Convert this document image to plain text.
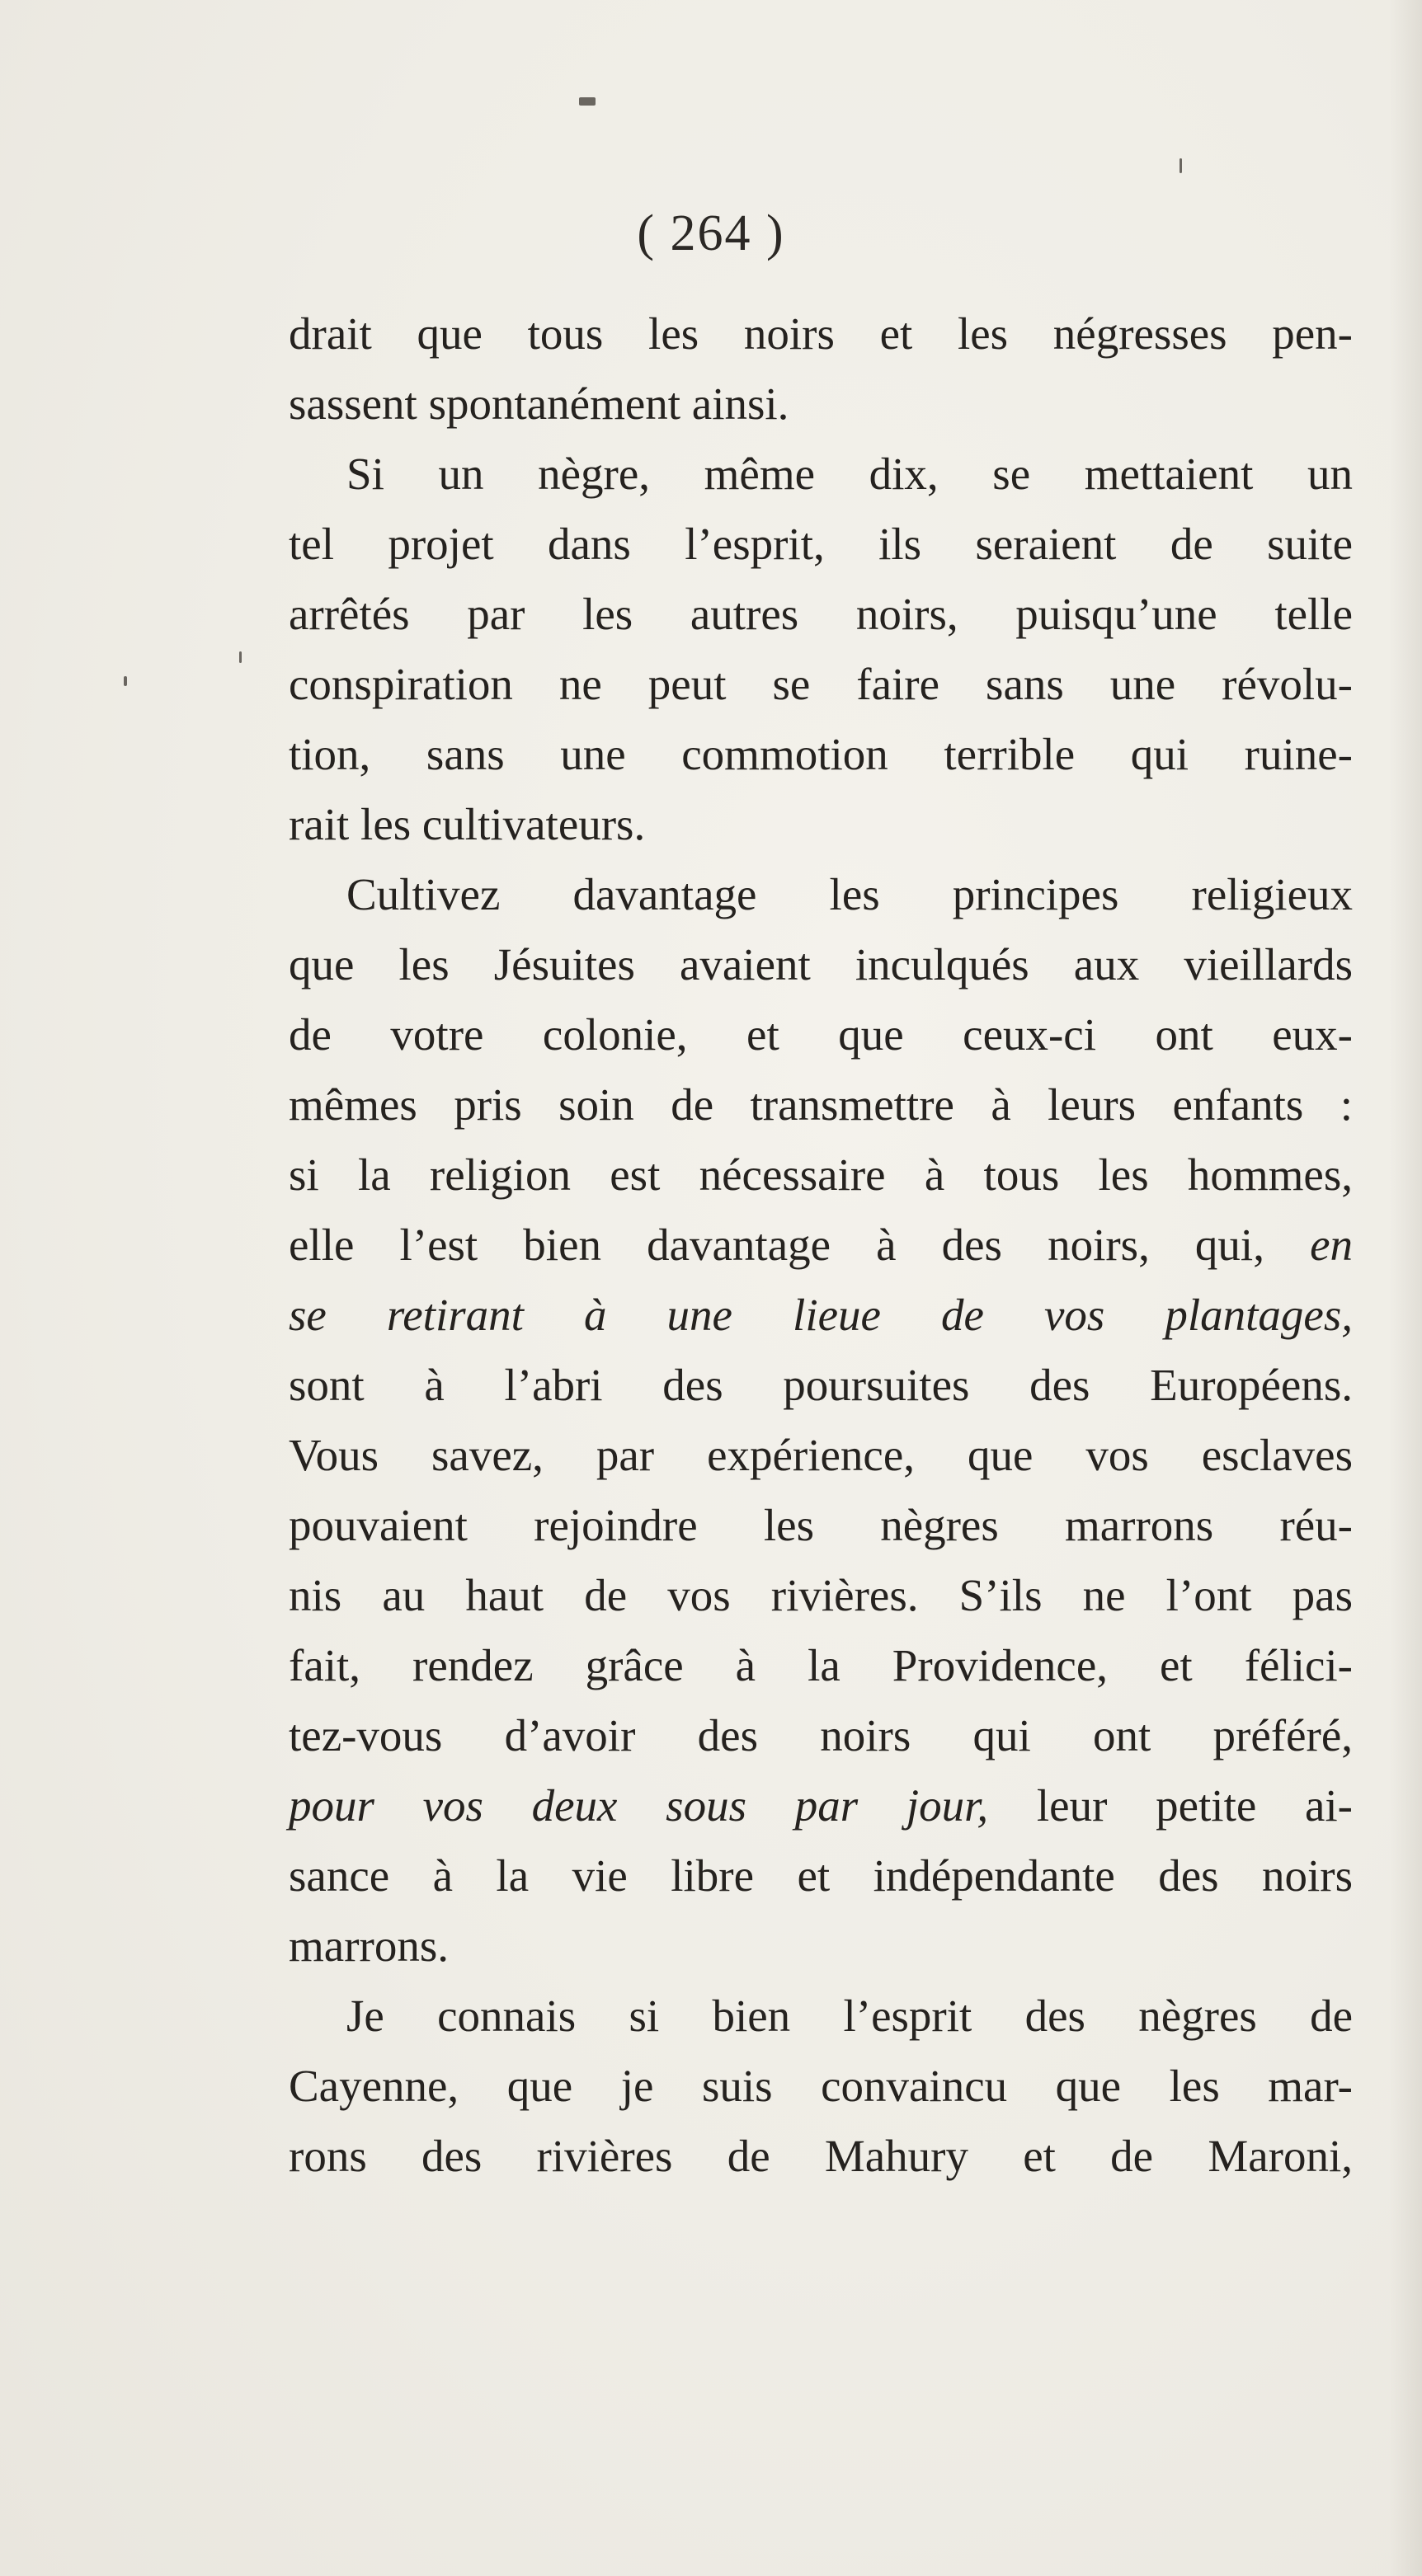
( 264 )
drait que tous les noirs et les négresses pen-
sassent spontanément ainsi.
Si un nègre, même dix, se mettaient un
tel projet dans l’esprit, ils seraient de suite
arrêtés par les autres noirs, puisqu’une telle
conspiration ne peut se faire sans une révolu-
tion, sans une commotion terrible qui ruine-
rait les cultivateurs.
Cultivez davantage les principes religieux
que les Jésuites avaient inculqués aux vieillards
de votre colonie, et que ceux-ci ont eux-
mêmes pris soin de transmettre à leurs enfants :
si la religion est nécessaire à tous les hommes,
elle l’est bien davantage à des noirs, qui, en
se retirant à une lieue de vos plantages,
sont à l’abri des poursuites des Européens.
Vous savez, par expérience, que vos esclaves
pouvaient rejoindre les nègres marrons réu-
nis au haut de vos rivières. S’ils ne l’ont pas
fait, rendez grâce à la Providence, et félici-
tez-vous d’avoir des noirs qui ont préféré,
pour vos deux sous par jour, leur petite ai-
sance à la vie libre et indépendante des noirs
marrons.
Je connais si bien l’esprit des nègres de
Cayenne, que je suis convaincu que les mar-
rons des rivières de Mahury et de Maroni,
